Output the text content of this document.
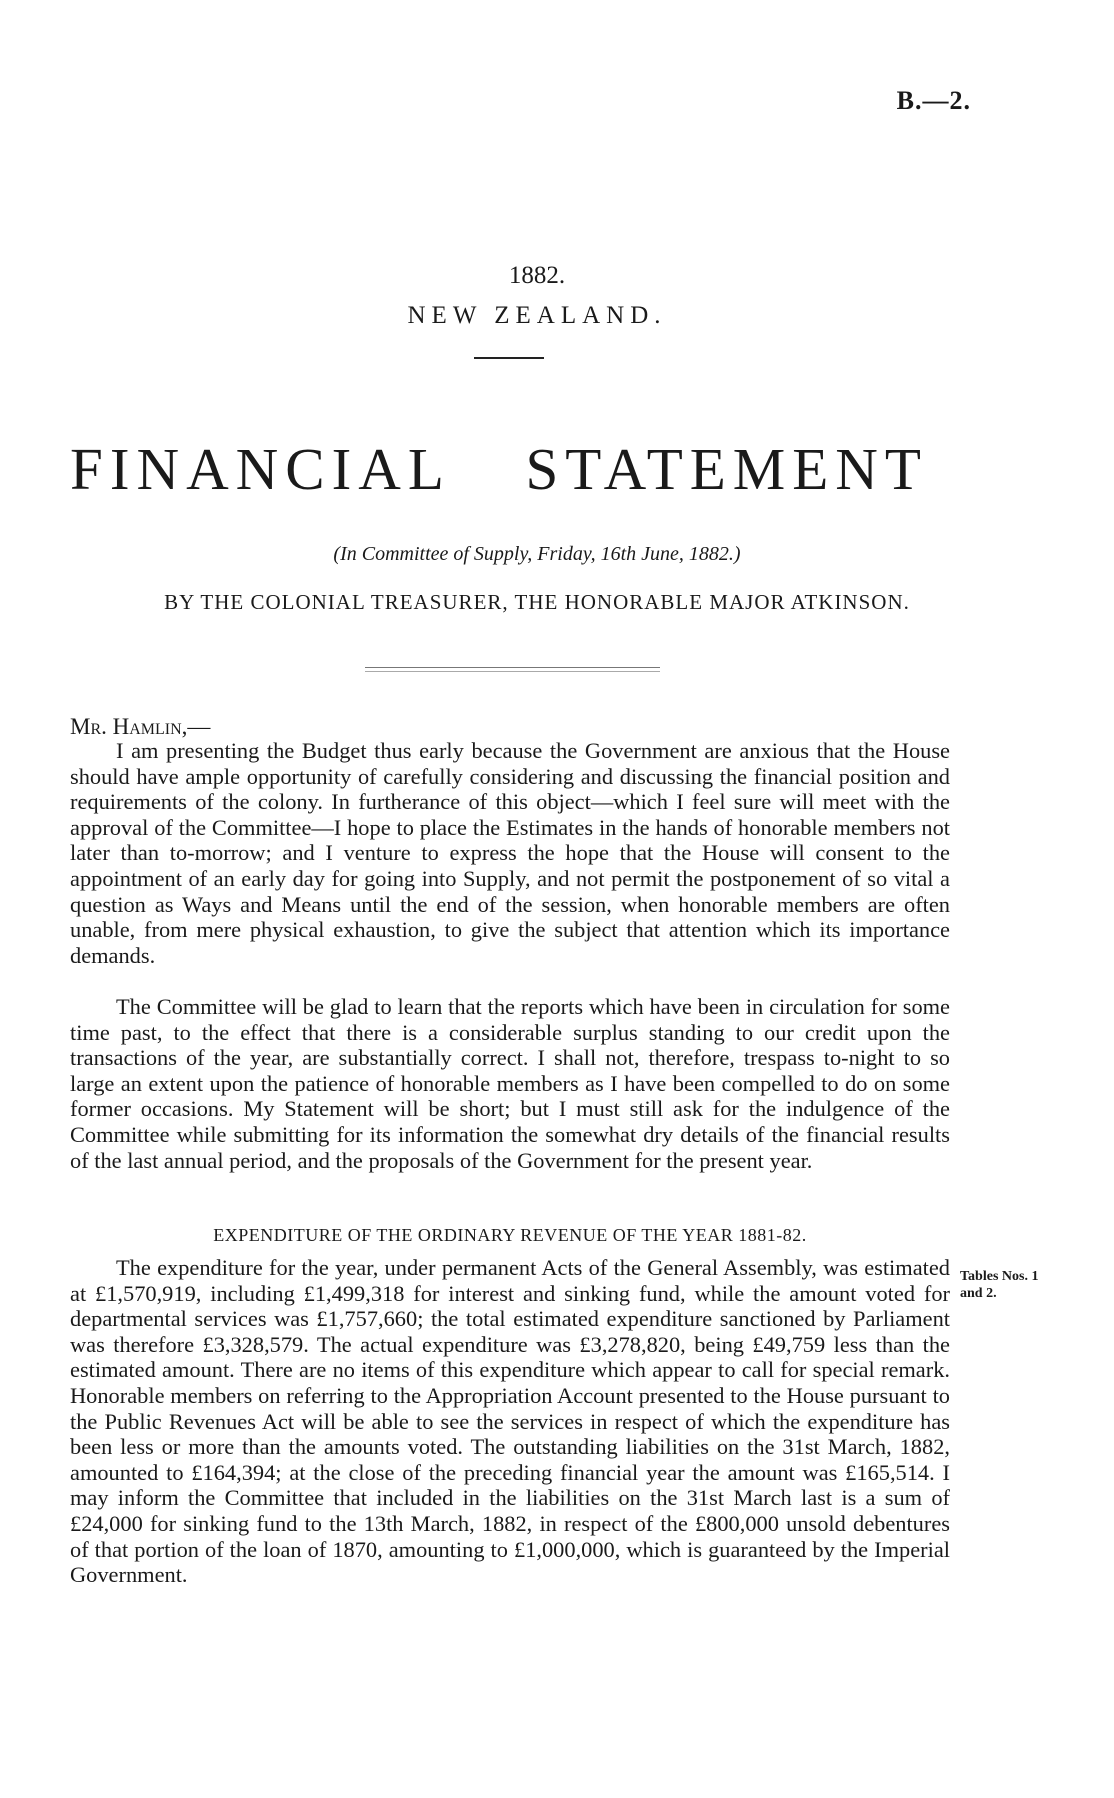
B.—2.
1882.
NEW ZEALAND.
FINANCIAL STATEMENT
(In Committee of Supply, Friday, 16th June, 1882.)
BY THE COLONIAL TREASURER, THE HONORABLE MAJOR ATKINSON.
Mr. Hamlin,—
I am presenting the Budget thus early because the Government are anxious that the House should have ample opportunity of carefully considering and discussing the financial position and requirements of the colony. In furtherance of this object—which I feel sure will meet with the approval of the Committee—I hope to place the Estimates in the hands of honorable members not later than to-morrow; and I venture to express the hope that the House will consent to the appointment of an early day for going into Supply, and not permit the postponement of so vital a question as Ways and Means until the end of the session, when honorable members are often unable, from mere physical exhaustion, to give the subject that attention which its importance demands.
The Committee will be glad to learn that the reports which have been in circulation for some time past, to the effect that there is a considerable surplus standing to our credit upon the transactions of the year, are substantially correct. I shall not, therefore, trespass to-night to so large an extent upon the patience of honorable members as I have been compelled to do on some former occasions. My Statement will be short; but I must still ask for the indulgence of the Committee while submitting for its information the somewhat dry details of the financial results of the last annual period, and the proposals of the Government for the present year.
EXPENDITURE OF THE ORDINARY REVENUE OF THE YEAR 1881-82.
The expenditure for the year, under permanent Acts of the General Assembly, was estimated at £1,570,919, including £1,499,318 for interest and sinking fund, while the amount voted for departmental services was £1,757,660; the total estimated expenditure sanctioned by Parliament was therefore £3,328,579. The actual expenditure was £3,278,820, being £49,759 less than the estimated amount. There are no items of this expenditure which appear to call for special remark. Honorable members on referring to the Appropriation Account presented to the House pursuant to the Public Revenues Act will be able to see the services in respect of which the expenditure has been less or more than the amounts voted. The outstanding liabilities on the 31st March, 1882, amounted to £164,394; at the close of the preceding financial year the amount was £165,514. I may inform the Committee that included in the liabilities on the 31st March last is a sum of £24,000 for sinking fund to the 13th March, 1882, in respect of the £800,000 unsold debentures of that portion of the loan of 1870, amounting to £1,000,000, which is guaranteed by the Imperial Government.
Tables Nos. 1 and 2.
